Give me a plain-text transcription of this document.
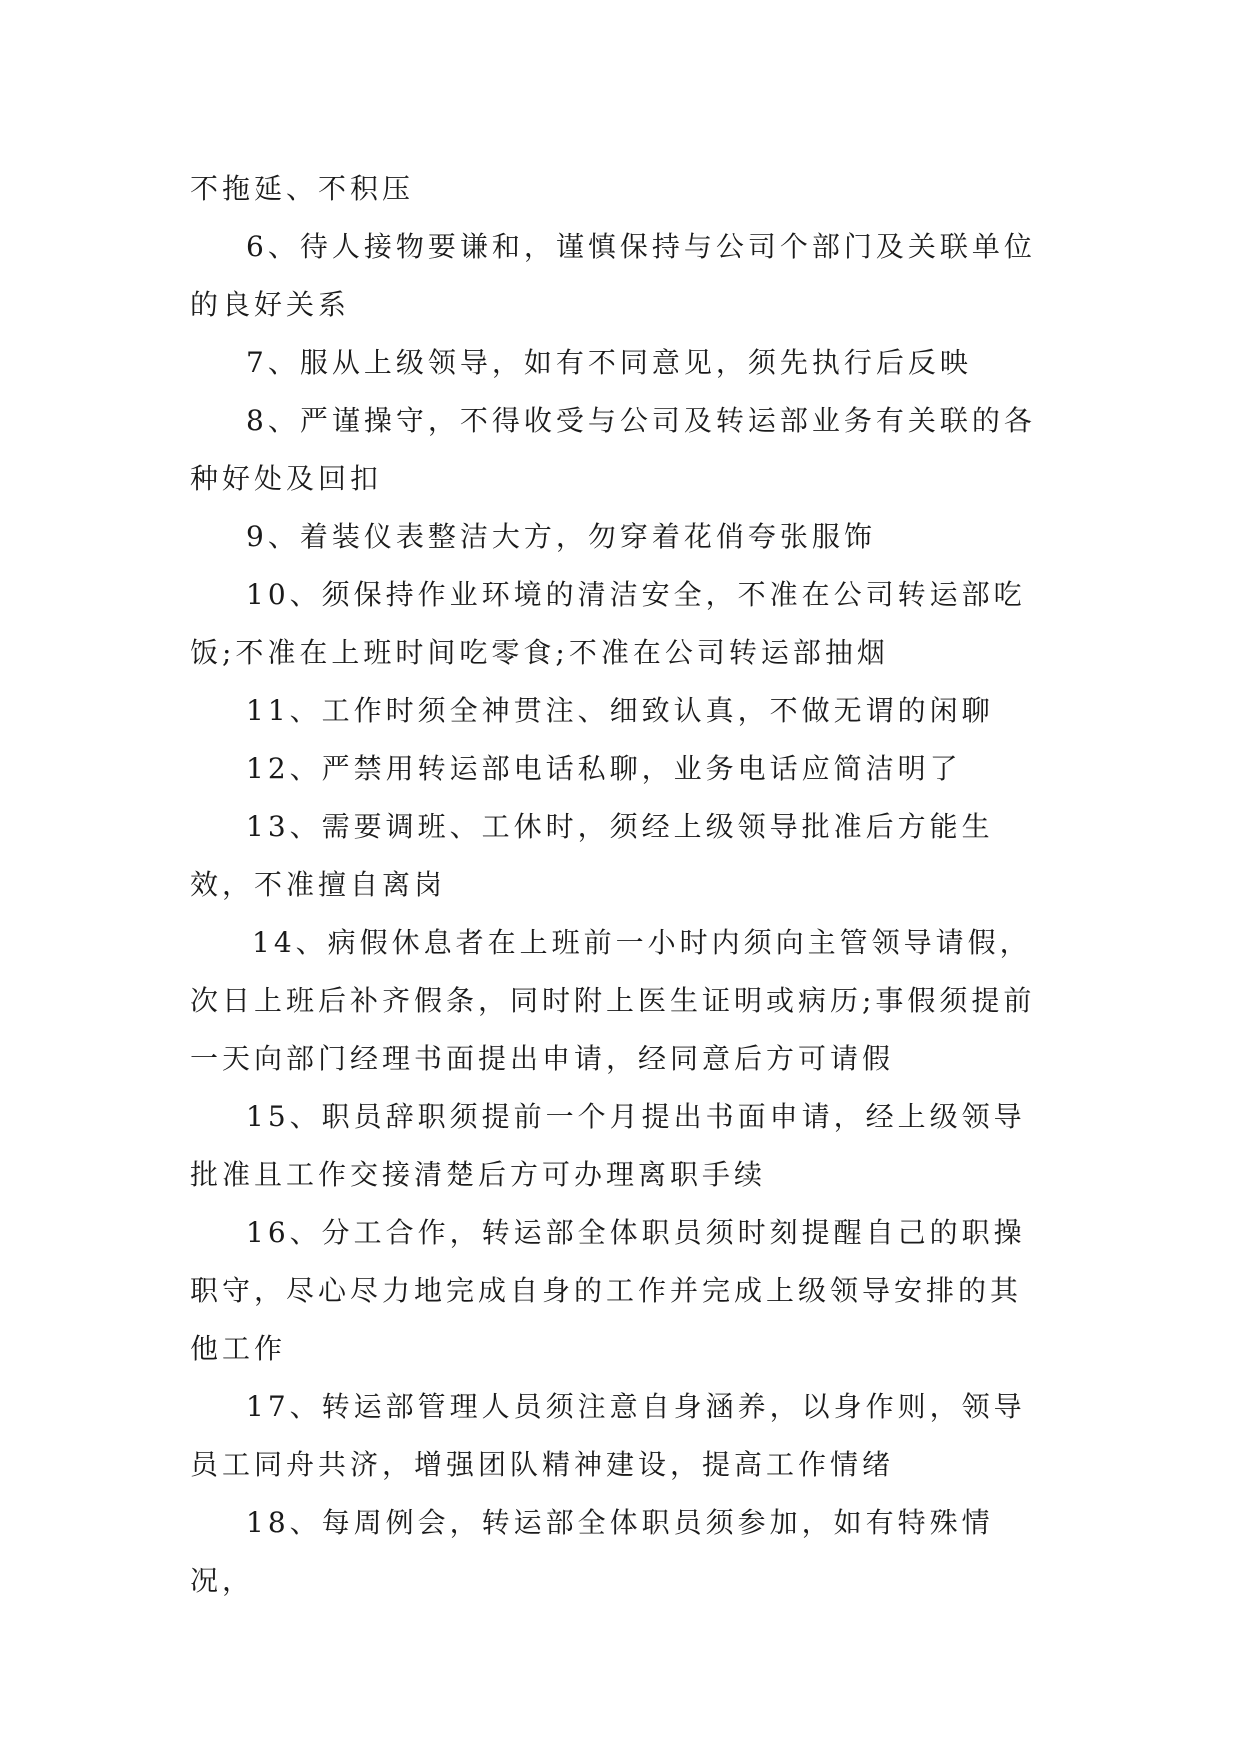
不拖延、不积压

6、待人接物要谦和，谨慎保持与公司个部门及关联单位的良好关系

7、服从上级领导，如有不同意见，须先执行后反映

8、严谨操守，不得收受与公司及转运部业务有关联的各种好处及回扣

9、着装仪表整洁大方，勿穿着花俏夸张服饰

10、须保持作业环境的清洁安全，不准在公司转运部吃饭;不准在上班时间吃零食;不准在公司转运部抽烟

11、工作时须全神贯注、细致认真，不做无谓的闲聊

12、严禁用转运部电话私聊，业务电话应简洁明了

13、需要调班、工休时，须经上级领导批准后方能生效，不准擅自离岗

14、病假休息者在上班前一小时内须向主管领导请假，次日上班后补齐假条，同时附上医生证明或病历;事假须提前一天向部门经理书面提出申请，经同意后方可请假

15、职员辞职须提前一个月提出书面申请，经上级领导批准且工作交接清楚后方可办理离职手续

16、分工合作，转运部全体职员须时刻提醒自己的职操职守，尽心尽力地完成自身的工作并完成上级领导安排的其他工作

17、转运部管理人员须注意自身涵养，以身作则，领导员工同舟共济，增强团队精神建设，提高工作情绪

18、每周例会，转运部全体职员须参加，如有特殊情况，
